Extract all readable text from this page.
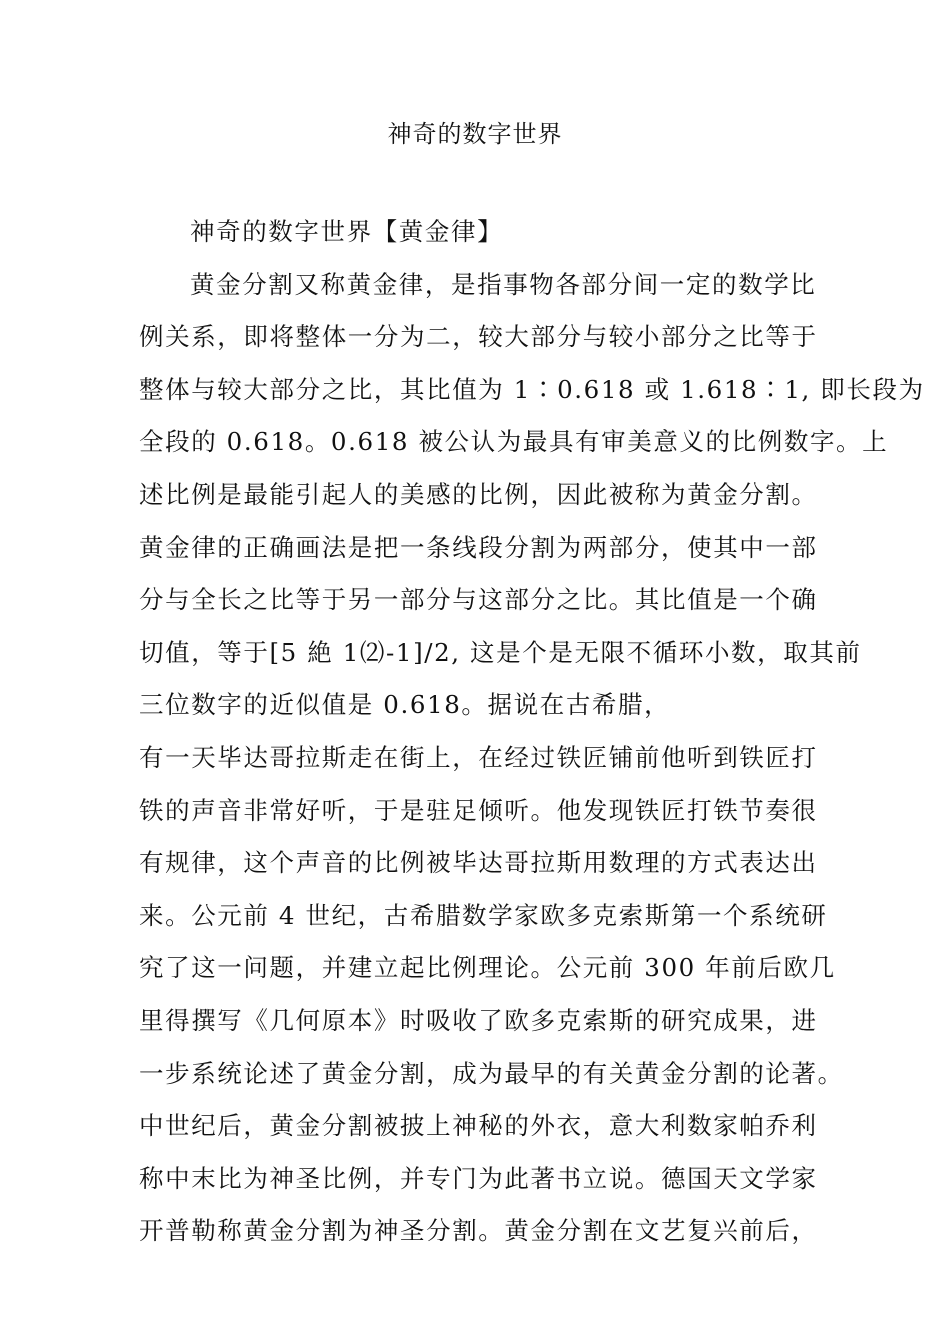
神奇的数字世界
神奇的数字世界【黄金律】
黄金分割又称黄金律，是指事物各部分间一定的数学比
例关系，即将整体一分为二，较大部分与较小部分之比等于
整体与较大部分之比，其比值为 1∶0.618 或 1.618∶1, 即长段为
全段的 0.618。0.618 被公认为最具有审美意义的比例数字。上
述比例是最能引起人的美感的比例，因此被称为黄金分割。
黄金律的正确画法是把一条线段分割为两部分，使其中一部
分与全长之比等于另一部分与这部分之比。其比值是一个确
切值，等于[5 絶 1⑵-1]/2, 这是个是无限不循环小数，取其前
三位数字的近似值是 0.618。据说在古希腊，
有一天毕达哥拉斯走在街上，在经过铁匠铺前他听到铁匠打
铁的声音非常好听，于是驻足倾听。他发现铁匠打铁节奏很
有规律，这个声音的比例被毕达哥拉斯用数理的方式表达出
来。公元前 4 世纪，古希腊数学家欧多克索斯第一个系统研
究了这一问题，并建立起比例理论。公元前 300 年前后欧几
里得撰写《几何原本》时吸收了欧多克索斯的研究成果，进
一步系统论述了黄金分割，成为最早的有关黄金分割的论著。
中世纪后，黄金分割被披上神秘的外衣，意大利数家帕乔利
称中末比为神圣比例，并专门为此著书立说。德国天文学家
开普勒称黄金分割为神圣分割。黄金分割在文艺复兴前后，
